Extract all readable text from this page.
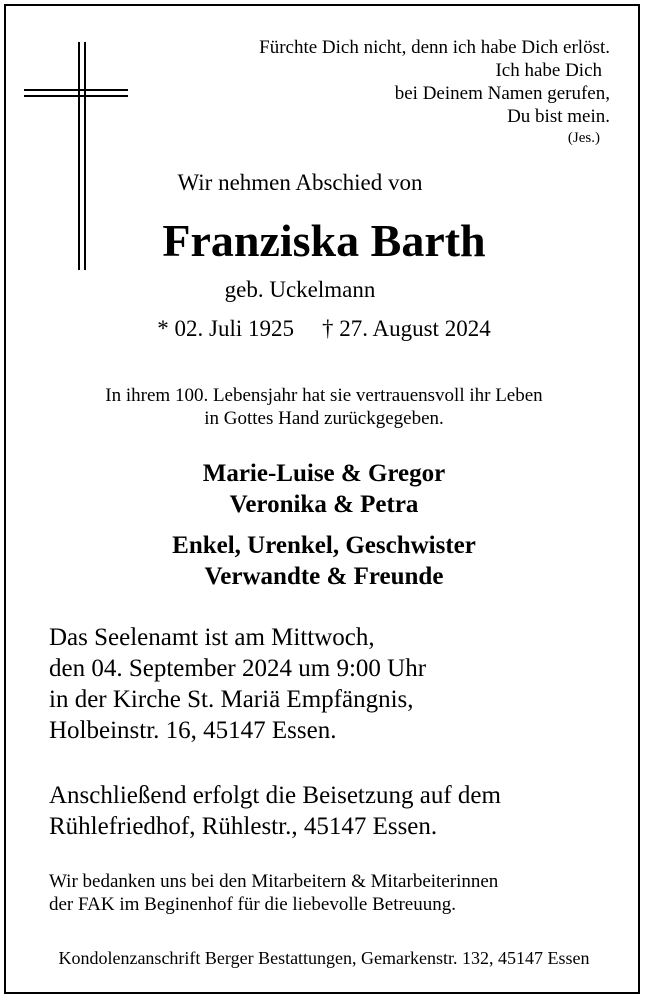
Fürchte Dich nicht, denn ich habe Dich erlöst.
Ich habe Dich
bei Deinem Namen gerufen,
Du bist mein.
(Jes.)
Wir nehmen Abschied von
Franziska Barth
geb. Uckelmann
* 02. Juli 1925 † 27. August 2024
In ihrem 100. Lebensjahr hat sie vertrauensvoll ihr Leben
in Gottes Hand zurückgegeben.
Marie-Luise & Gregor
Veronika & Petra
Enkel, Urenkel, Geschwister
Verwandte & Freunde
Das Seelenamt ist am Mittwoch,
den 04. September 2024 um 9:00 Uhr
in der Kirche St. Mariä Empfängnis,
Holbeinstr. 16, 45147 Essen.
Anschließend erfolgt die Beisetzung auf dem
Rühlefriedhof, Rühlestr., 45147 Essen.
Wir bedanken uns bei den Mitarbeitern & Mitarbeiterinnen
der FAK im Beginenhof für die liebevolle Betreuung.
Kondolenzanschrift Berger Bestattungen, Gemarkenstr. 132, 45147 Essen
